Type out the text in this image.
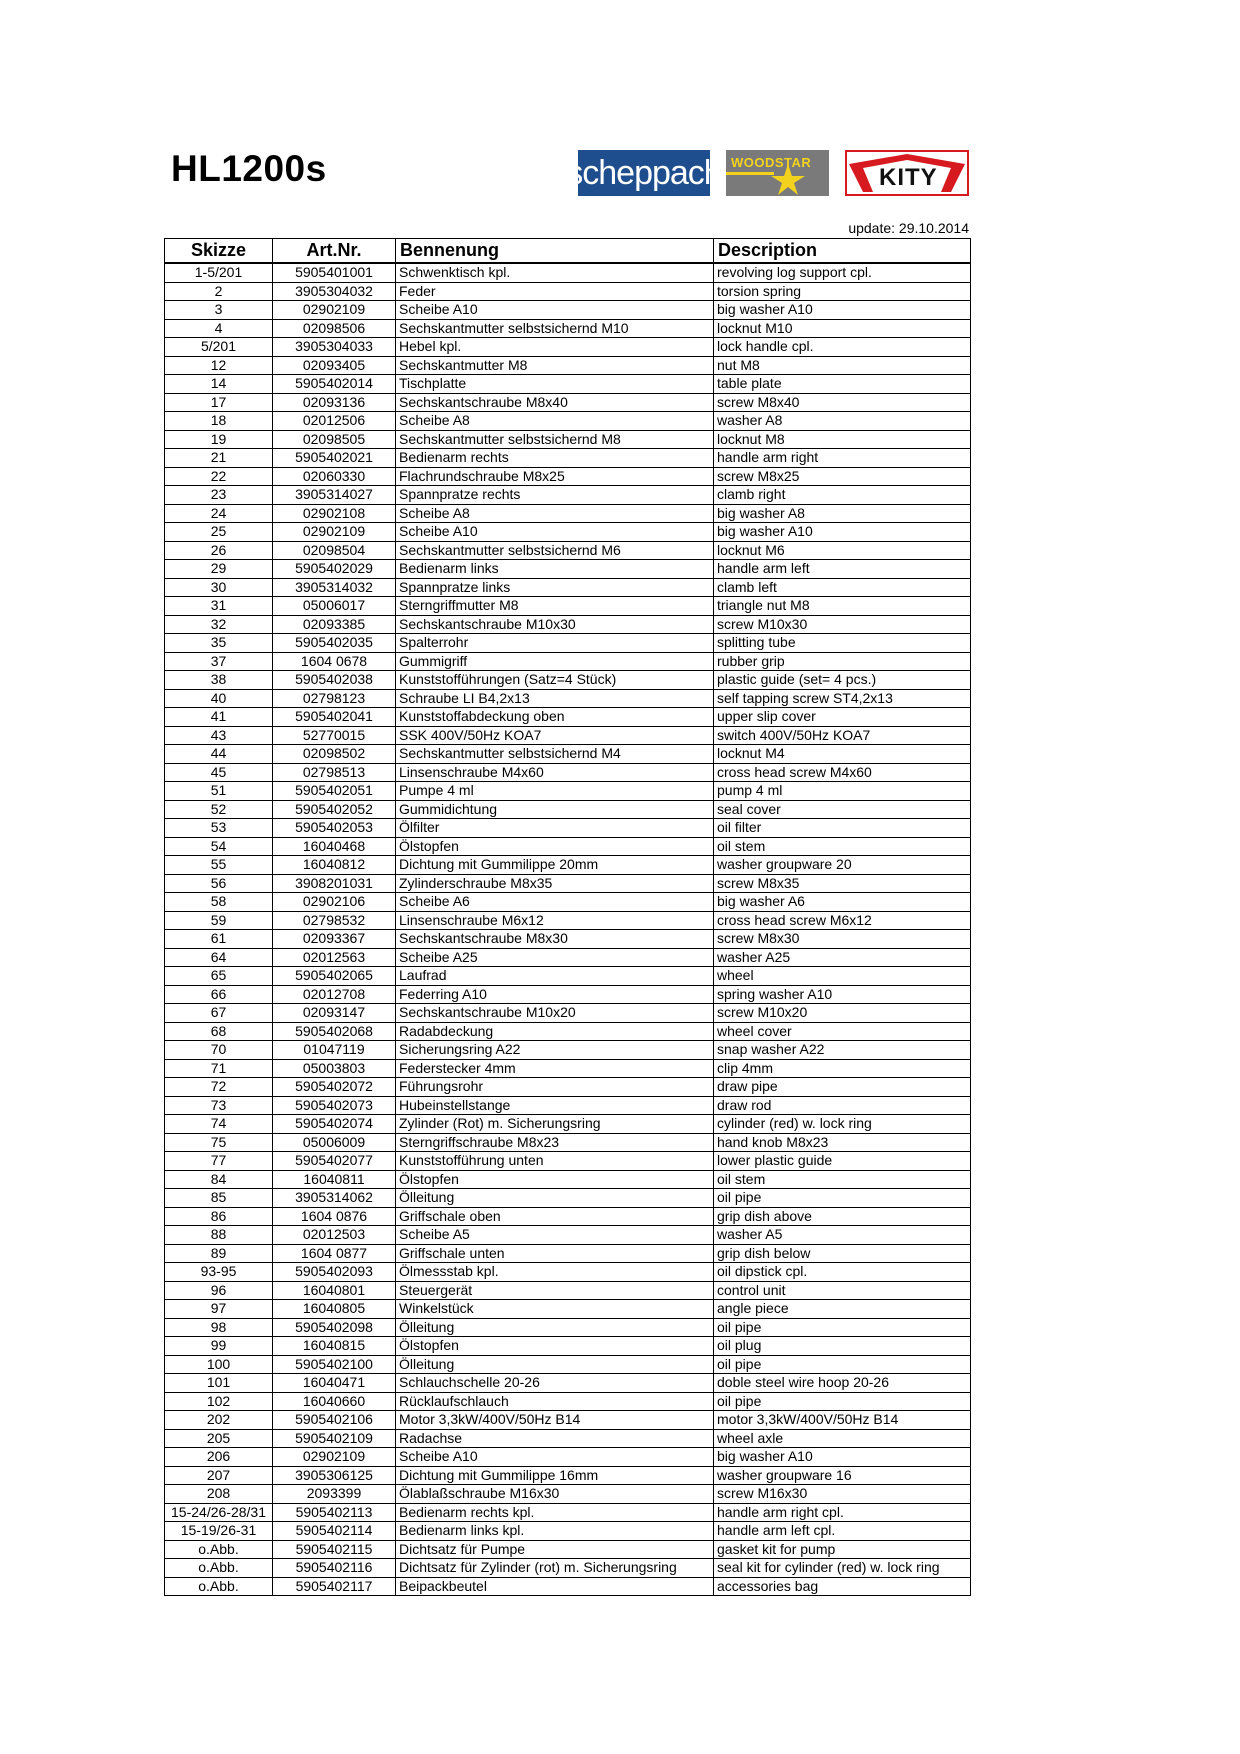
HL1200s	scheppach WOODSTAR
KITY
update: 29.10.2014
Skizze	Art.Nr.	Bennenung	Description
1-5/201	5905401001	Schwenktisch kpl.	revolving log support cpl.
2	3905304032	Feder	torsion spring
3	02902109	Scheibe A10	big washer A10
4	02098506	Sechskantmutter selbstsichernd M10	locknut M10
5/201	3905304033	Hebel kpl.	lock handle cpl.
12	02093405	Sechskantmutter M8	nut M8
14	5905402014	Tischplatte	table plate
17	02093136	Sechskantschraube M8x40	screw M8x40
18	02012506	Scheibe A8	washer A8
19	02098505	Sechskantmutter selbstsichernd M8	locknut M8
21	5905402021	Bedienarm rechts	handle arm right
22	02060330	Flachrundschraube M8x25	screw M8x25
23	3905314027	Spannpratze rechts	clamb right
24	02902108	Scheibe A8	big washer A8
25	02902109	Scheibe A10	big washer A10
26	02098504	Sechskantmutter selbstsichernd M6	locknut M6
29	5905402029	Bedienarm links	handle arm left
30	3905314032	Spannpratze links	clamb left
31	05006017	Sterngriffmutter M8	triangle nut M8
32	02093385	Sechskantschraube M10x30	screw M10x30
35	5905402035	Spalterrohr	splitting tube
37	1604 0678	Gummigriff	rubber grip
38	5905402038	Kunststofführungen (Satz=4 Stück)	plastic guide (set= 4 pcs.)
40	02798123	Schraube LI B4,2x13	self tapping screw ST4,2x13
41	5905402041	Kunststoffabdeckung oben	upper slip cover
43	52770015	SSK 400V/50Hz KOA7	switch 400V/50Hz KOA7
44	02098502	Sechskantmutter selbstsichernd M4	locknut M4
45	02798513	Linsenschraube M4x60	cross head screw M4x60
51	5905402051	Pumpe 4 ml	pump 4 ml
52	5905402052	Gummidichtung	seal cover
53	5905402053	Ölfilter	oil filter
54	16040468	Ölstopfen	oil stem
55	16040812	Dichtung mit Gummilippe 20mm	washer groupware 20
56	3908201031	Zylinderschraube M8x35	screw M8x35
58	02902106	Scheibe A6	big washer A6
59	02798532	Linsenschraube M6x12	cross head screw M6x12
61	02093367	Sechskantschraube M8x30	screw M8x30
64	02012563	Scheibe A25	washer A25
65	5905402065	Laufrad	wheel
66	02012708	Federring A10	spring washer A10
67	02093147	Sechskantschraube M10x20	screw M10x20
68	5905402068	Radabdeckung	wheel cover
70	01047119	Sicherungsring A22	snap washer A22
71	05003803	Federstecker 4mm	clip 4mm
72	5905402072	Führungsrohr	draw pipe
73	5905402073	Hubeinstellstange	draw rod
74	5905402074	Zylinder (Rot) m. Sicherungsring	cylinder (red) w. lock ring
75	05006009	Sterngriffschraube M8x23	hand knob M8x23
77	5905402077	Kunststofführung unten	lower plastic guide
84	16040811	Ölstopfen	oil stem
85	3905314062	Ölleitung	oil pipe
86	1604 0876	Griffschale oben	grip dish above
88	02012503	Scheibe A5	washer A5
89	1604 0877	Griffschale unten	grip dish below
93-95	5905402093	Ölmessstab kpl.	oil dipstick cpl.
96	16040801	Steuergerät	control unit
97	16040805	Winkelstück	angle piece
98	5905402098	Ölleitung	oil pipe
99	16040815	Ölstopfen	oil plug
100	5905402100	Ölleitung	oil pipe
101	16040471	Schlauchschelle 20-26	doble steel wire hoop 20-26
102	16040660	Rücklaufschlauch	oil pipe
202	5905402106	Motor 3,3kW/400V/50Hz B14	motor 3,3kW/400V/50Hz B14
205	5905402109	Radachse	wheel axle
206	02902109	Scheibe A10	big washer A10
207	3905306125	Dichtung mit Gummilippe 16mm	washer groupware 16
208	2093399	Ölablaßschraube M16x30	screw M16x30
15-24/26-28/31	5905402113	Bedienarm rechts kpl.	handle arm right cpl.
15-19/26-31	5905402114	Bedienarm links kpl.	handle arm left cpl.
o.Abb.	5905402115	Dichtsatz für Pumpe	gasket kit for pump
o.Abb.	5905402116	Dichtsatz für Zylinder (rot) m. Sicherungsring	seal kit for cylinder (red) w. lock ring
o.Abb.	5905402117	Beipackbeutel	accessories bag
